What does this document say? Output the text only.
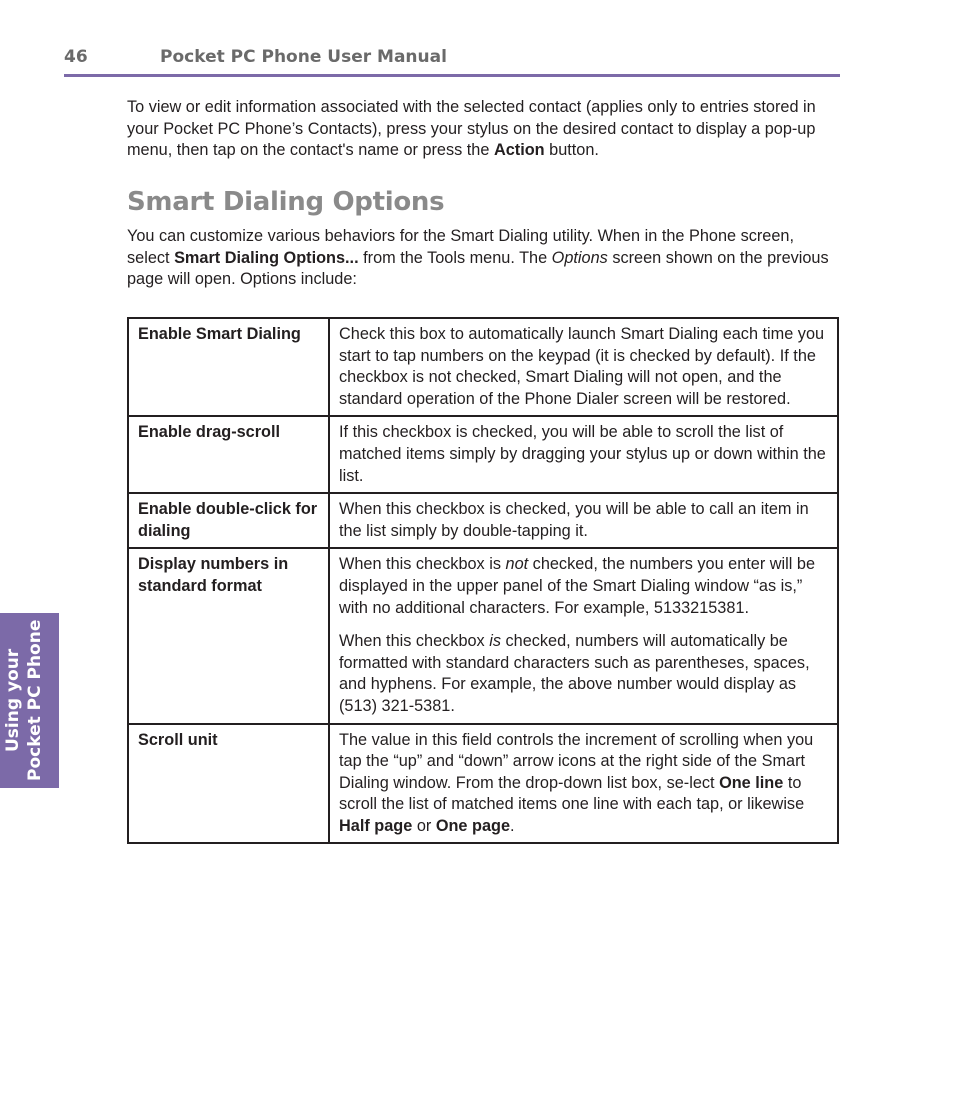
46	Pocket PC Phone User Manual
Using your Pocket PC Phone

To view or edit information associated with the selected contact (applies only to entries stored in your Pocket PC Phone’s Contacts), press your stylus on the desired contact to display a pop-up menu, then tap on the contact's name or press the Action button.

Smart Dialing Options

You can customize various behaviors for the Smart Dialing utility. When in the Phone screen, select Smart Dialing Options... from the Tools menu. The Options screen shown on the previous page will open. Options include:

Enable Smart Dialing	Check this box to automatically launch Smart Dialing each time you start to tap numbers on the keypad (it is checked by default). If the checkbox is not checked, Smart Dialing will not open, and the standard operation of the Phone Dialer screen will be restored.
Enable drag-scroll	If this checkbox is checked, you will be able to scroll the list of matched items simply by dragging your stylus up or down within the list.
Enable double-click for dialing	When this checkbox is checked, you will be able to call an item in the list simply by double-tapping it.
Display numbers in standard format	When this checkbox is not checked, the numbers you enter will be displayed in the upper panel of the Smart Dialing window “as is,” with no additional characters. For example, 5133215381.

When this checkbox is checked, numbers will automatically be formatted with standard characters such as parentheses, spaces, and hyphens. For example, the above number would display as (513) 321-5381.

Scroll unit	The value in this field controls the increment of scrolling when you tap the “up” and “down” arrow icons at the right side of the Smart Dialing window. From the drop-down list box, se-lect One line to scroll the list of matched items one line with each tap, or likewise Half page or One page.
